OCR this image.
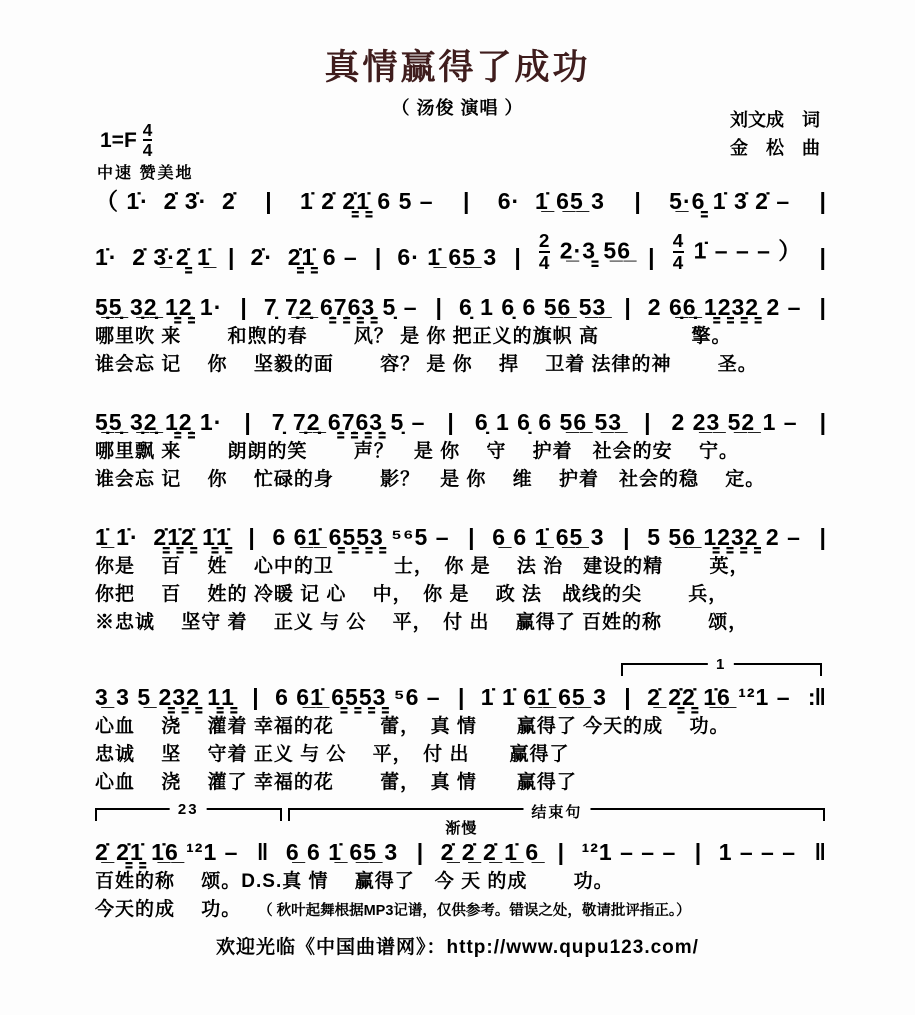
真情赢得了成功
（ 汤俊 演唱 ）
刘文成　词
金　松　曲
$1=F \frac{4}{4}$
中速 赞美地
（ 1̇·  2̇ 3̇·  2̇ | 1̇ 2̇ 2̳̇1̳̇ 6 5 – | 6·  1̲̇ 6̲5̲ 3 | 5̲·6̳ 1̇ 3̇ 2̇ – |
1̇·  2̇ 3̲̇·2̳̇ 1̲̇ | 2̇·  2̳̇1̳̇ 6 – | 6· 1̲̇ 6̲5̲ 3 | $\frac{2}{4}$ 2̲·3̳ 5̲6̲ | $\frac{4}{4}$ 1̇ – – – ） |
5̣̲5̣̲ 3̣̲2̣̲ 1̣̳2̣̳ 1· | 7̣ 7̣̲2̣̲ 6̣̳7̣̳6̣̳3̣̳ 5̣ – | 6̣ 1 6̣ 6 5̲6̲ 5̲3̲ | 2 6̣̲6̣̲ 1̳2̳3̳2̳ 2 – |
哪里吹 来　　 和煦的春　　 风？ 是 你 把正义的旗帜 高　　　　  擎。
谁会忘 记　 你　 坚毅的面　　 容？ 是 你　 捍　 卫着 法律的神　　 圣。
5̣̲5̣̲ 3̣̲2̣̲ 1̣̳2̣̳ 1· | 7̣ 7̣̲2̣̲ 6̣̳7̣̳6̣̳3̣̳ 5̣ – | 6̣ 1 6̣ 6 5̲6̲ 5̲3̲ | 2 2̲3̲ 5̲2̲ 1 – |
哪里飘 来　　 朗朗的笑　　 声？　是 你　 守　 护着　社会的安　 宁。
谁会忘 记　 你　 忙碌的身　　 影？　是 你　 维　 护着　社会的稳　 定。
1̲̇ 1̇·  2̳̇1̳̇2̳̇ 1̳̇1̳̇ | 6 6̲1̲̇ 6̳5̳5̳3̳ ⁵⁶5 – | 6̲ 6 1̲̇ 6̲5̲ 3 | 5 5̲6̲ 1̳2̳3̳2̳ 2 – |
你是　 百　 姓　 心中的卫　　　士，　你 是　 法 治　建设的精　　 英，
你把　 百　 姓的 冷暖 记 心　 中，　你 是　 政 法　战线的尖　　 兵，
※忠诚　 坚守 着　 正义 与 公　 平，　付 出　 赢得了 百姓的称　　 颂，
1
3̲ 3 5̲ 2̳3̳2̳ 1̳1̳ | 6 6̲1̲̇ 6̳5̳5̳3̳ ⁵6 – | 1̇ 1̇ 6̲1̲̇ 6̲5̲ 3 | 2̲̇ 2̳̇2̳̇ 1̲̇6̲ ¹²1 – :‖
心血　 浇　 灌着 幸福的花　　 蕾，　真 情　　赢得了 今天的成　 功。
忠诚　 坚　 守着 正义 与 公　 平，　付 出　　赢得了
心血　 浇　 灌了 幸福的花　　 蕾，　真 情　　赢得了
23	结束句
渐慢
2̲̇ 2̳̇1̳̇ 1̲̇6̲ ¹²1 – ‖ 6̲ 6 1̲̇ 6̲5̲ 3 | 2̲̇ 2̲̇ 2̲̇ 1̲̇ 6̲ | ¹²1 – – – | 1 – – – ‖
百姓的称　 颂。D.S.真 情　 赢得了　今 天 的成　　 功。
今天的成　 功。　 （ 秋叶起舞根据MP3记谱，仅供参考。错误之处，敬请批评指正。）
欢迎光临《中国曲谱网》：http://www.qupu123.com/
